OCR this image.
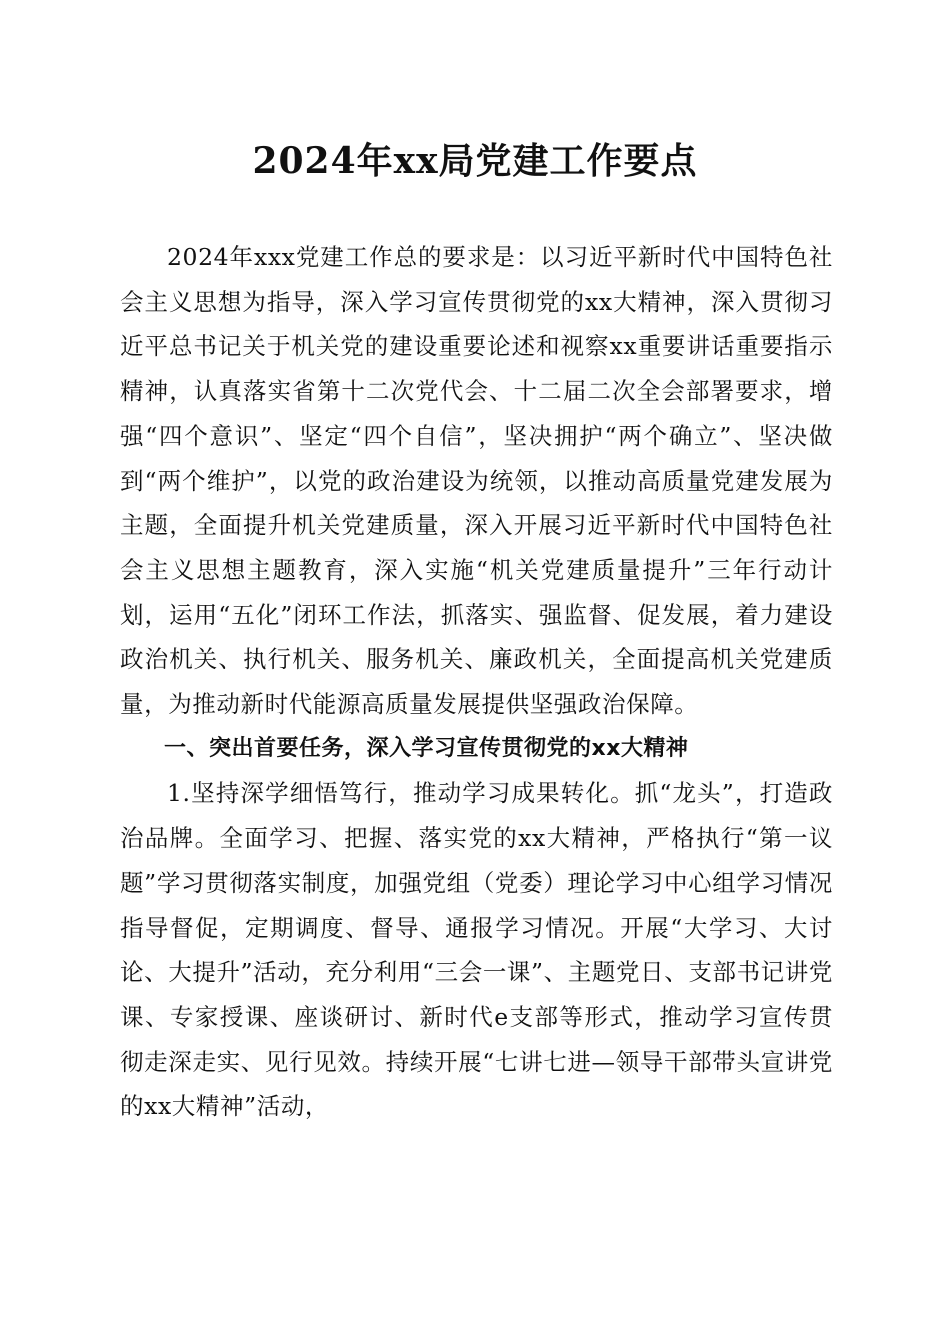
2024年xx局党建工作要点

2024年xxx党建工作总的要求是：以习近平新时代中国特色社会主义思想为指导，深入学习宣传贯彻党的xx大精神，深入贯彻习近平总书记关于机关党的建设重要论述和视察xx重要讲话重要指示精神，认真落实省第十二次党代会、十二届二次全会部署要求，增强“四个意识”、坚定“四个自信”，坚决拥护“两个确立”、坚决做到“两个维护”，以党的政治建设为统领，以推动高质量党建发展为主题，全面提升机关党建质量，深入开展习近平新时代中国特色社会主义思想主题教育，深入实施“机关党建质量提升”三年行动计划，运用“五化”闭环工作法，抓落实、强监督、促发展，着力建设政治机关、执行机关、服务机关、廉政机关，全面提高机关党建质量，为推动新时代能源高质量发展提供坚强政治保障。

一、突出首要任务，深入学习宣传贯彻党的xx大精神

1.坚持深学细悟笃行，推动学习成果转化。抓“龙头”，打造政治品牌。全面学习、把握、落实党的xx大精神，严格执行“第一议题”学习贯彻落实制度，加强党组（党委）理论学习中心组学习情况指导督促，定期调度、督导、通报学习情况。开展“大学习、大讨论、大提升”活动，充分利用“三会一课”、主题党日、支部书记讲党课、专家授课、座谈研讨、新时代e支部等形式，推动学习宣传贯彻走深走实、见行见效。持续开展“七讲七进—领导干部带头宣讲党的xx大精神”活动，
